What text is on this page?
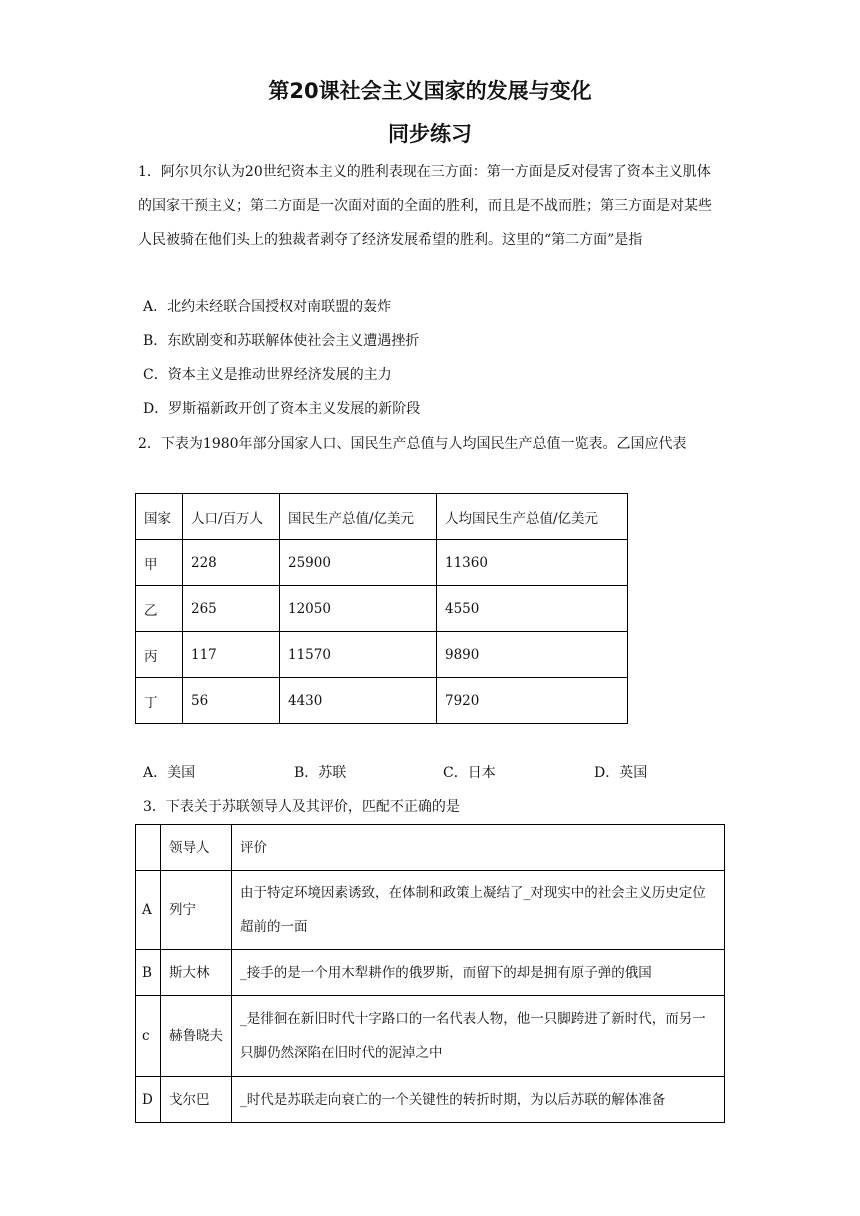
第20课社会主义国家的发展与变化
同步练习

1．阿尔贝尔认为20世纪资本主义的胜利表现在三方面：第一方面是反对侵害了资本主义肌体的国家干预主义；第二方面是一次面对面的全面的胜利，而且是不战而胜；第三方面是对某些人民被骑在他们头上的独裁者剥夺了经济发展希望的胜利。这里的“第二方面”是指

A．北约未经联合国授权对南联盟的轰炸
B．东欧剧变和苏联解体使社会主义遭遇挫折
C．资本主义是推动世界经济发展的主力
D．罗斯福新政开创了资本主义发展的新阶段

2．下表为1980年部分国家人口、国民生产总值与人均国民生产总值一览表。乙国应代表

国家	人口/百万人	国民生产总值/亿美元	人均国民生产总值/亿美元
甲	228	25900	11360
乙	265	12050	4550
丙	117	11570	9890
丁	56	4430	7920
A．美国	B．苏联	C．日本	D．英国
3．下表关于苏联领导人及其评价，匹配不正确的是
	领导人	评价
A	列宁	由于特定环境因素诱致，在体制和政策上凝结了_对现实中的社会主义历史定位超前的一面
B	斯大林	_接手的是一个用木犁耕作的俄罗斯，而留下的却是拥有原子弹的俄国
c	赫鲁晓夫	_是徘徊在新旧时代十字路口的一名代表人物，他一只脚跨进了新时代，而另一只脚仍然深陷在旧时代的泥淖之中
D	戈尔巴	_时代是苏联走向衰亡的一个关键性的转折时期，为以后苏联的解体准备
